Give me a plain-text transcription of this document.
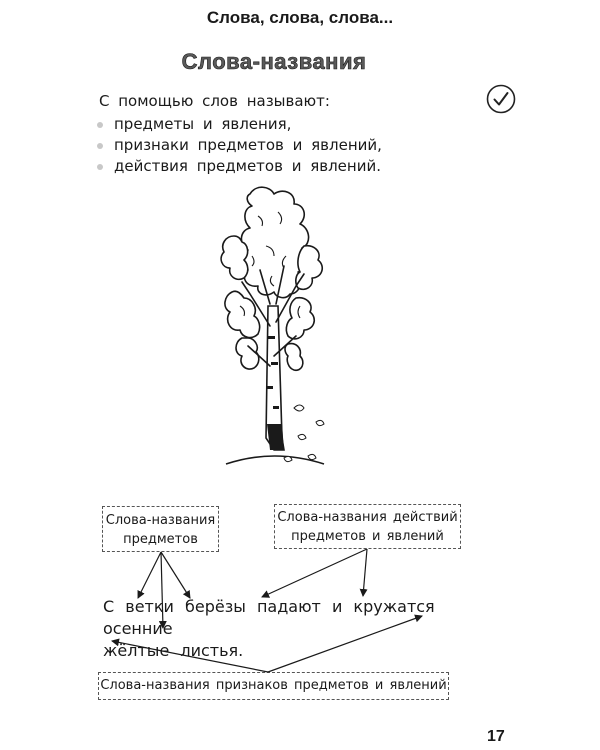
Слова, слова, слова...
Слова-названия
С помощью слов называют:
предметы и явления,
признаки предметов и явлений,
действия предметов и явлений.
Слова-названия
предметов
Слова-названия действий
предметов и явлений
С ветки берёзы падают и кружатся осенние
жёлтые листья.
Слова-названия признаков предметов и явлений
17
